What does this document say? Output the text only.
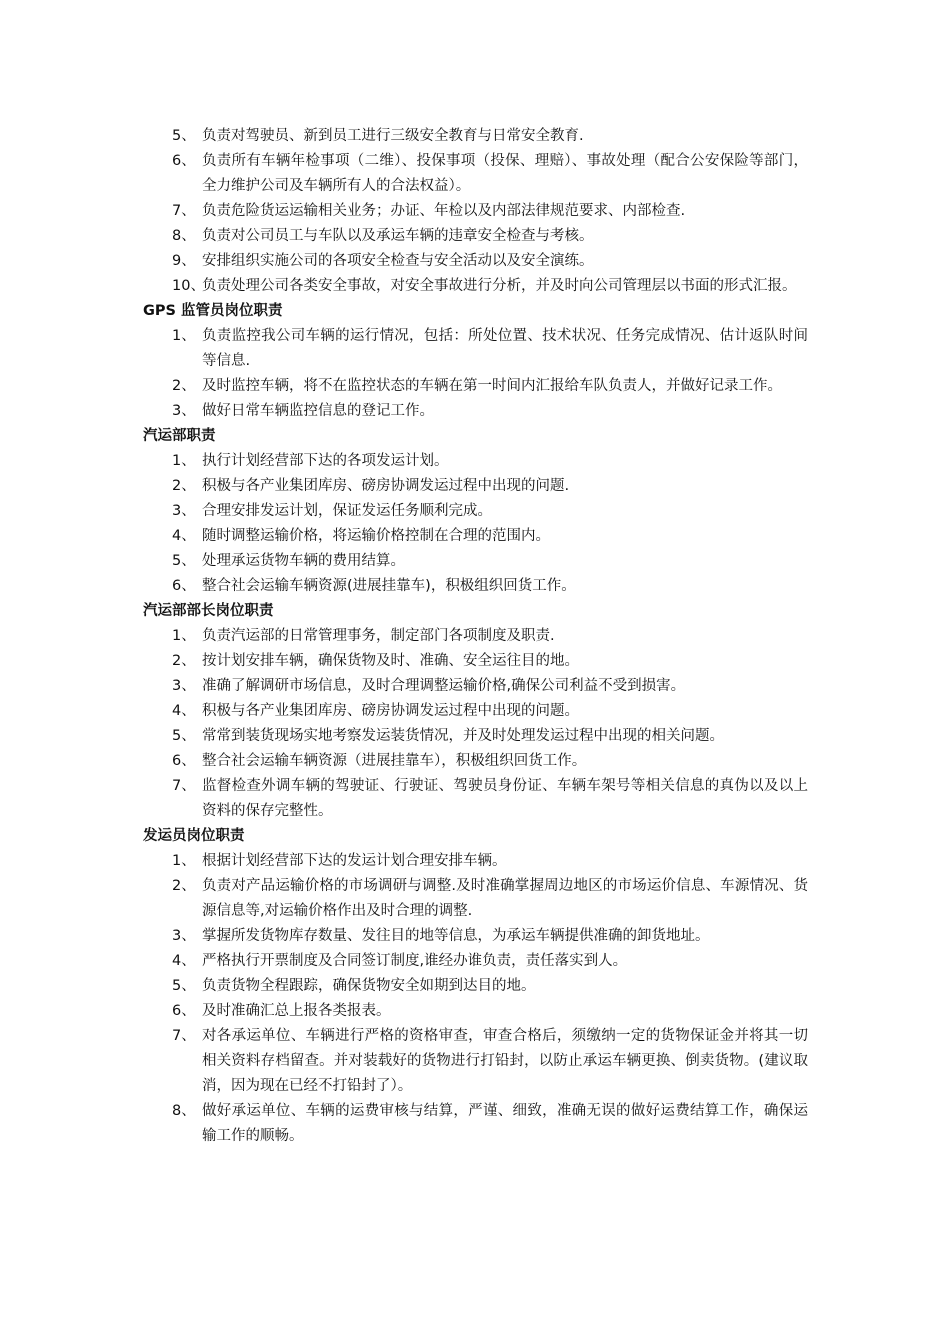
5、 负责对驾驶员、新到员工进行三级安全教育与日常安全教育.
6、 负责所有车辆年检事项（二维）、投保事项（投保、理赔）、事故处理（配合公安保险等部门，全力维护公司及车辆所有人的合法权益）。
7、 负责危险货运运输相关业务；办证、年检以及内部法律规范要求、内部检查.
8、 负责对公司员工与车队以及承运车辆的违章安全检查与考核。
9、 安排组织实施公司的各项安全检查与安全活动以及安全演练。
10、
负责处理公司各类安全事故，对安全事故进行分析，并及时向公司管理层以书面的形式汇报。
GPS 监管员岗位职责
1、 负责监控我公司车辆的运行情况，包括：所处位置、技术状况、任务完成情况、估计返队时间等信息.
2、 及时监控车辆，将不在监控状态的车辆在第一时间内汇报给车队负责人，并做好记录工作。
3、 做好日常车辆监控信息的登记工作。
汽运部职责
1、 执行计划经营部下达的各项发运计划。
2、 积极与各产业集团库房、磅房协调发运过程中出现的问题.
3、 合理安排发运计划，保证发运任务顺利完成。
4、 随时调整运输价格，将运输价格控制在合理的范围内。
5、 处理承运货物车辆的费用结算。
6、 整合社会运输车辆资源(进展挂靠车)，积极组织回货工作。
汽运部部长岗位职责
1、 负责汽运部的日常管理事务，制定部门各项制度及职责.
2、 按计划安排车辆，确保货物及时、准确、安全运往目的地。
3、 准确了解调研市场信息，及时合理调整运输价格,确保公司利益不受到损害。
4、 积极与各产业集团库房、磅房协调发运过程中出现的问题。
5、 常常到装货现场实地考察发运装货情况，并及时处理发运过程中出现的相关问题。
6、 整合社会运输车辆资源（进展挂靠车），积极组织回货工作。
7、 监督检查外调车辆的驾驶证、行驶证、驾驶员身份证、车辆车架号等相关信息的真伪以及以上资料的保存完整性。
发运员岗位职责
1、 根据计划经营部下达的发运计划合理安排车辆。
2、 负责对产品运输价格的市场调研与调整.及时准确掌握周边地区的市场运价信息、车源情况、货源信息等,对运输价格作出及时合理的调整.
3、 掌握所发货物库存数量、发往目的地等信息，为承运车辆提供准确的卸货地址。
4、 严格执行开票制度及合同签订制度,谁经办谁负责，责任落实到人。
5、 负责货物全程跟踪，确保货物安全如期到达目的地。
6、 及时准确汇总上报各类报表。
7、 对各承运单位、车辆进行严格的资格审查，审查合格后，须缴纳一定的货物保证金并将其一切相关资料存档留查。并对装载好的货物进行打铅封，以防止承运车辆更换、倒卖货物。(建议取消，因为现在已经不打铅封了）。
8、 做好承运单位、车辆的运费审核与结算，严谨、细致，准确无误的做好运费结算工作，确保运输工作的顺畅。
